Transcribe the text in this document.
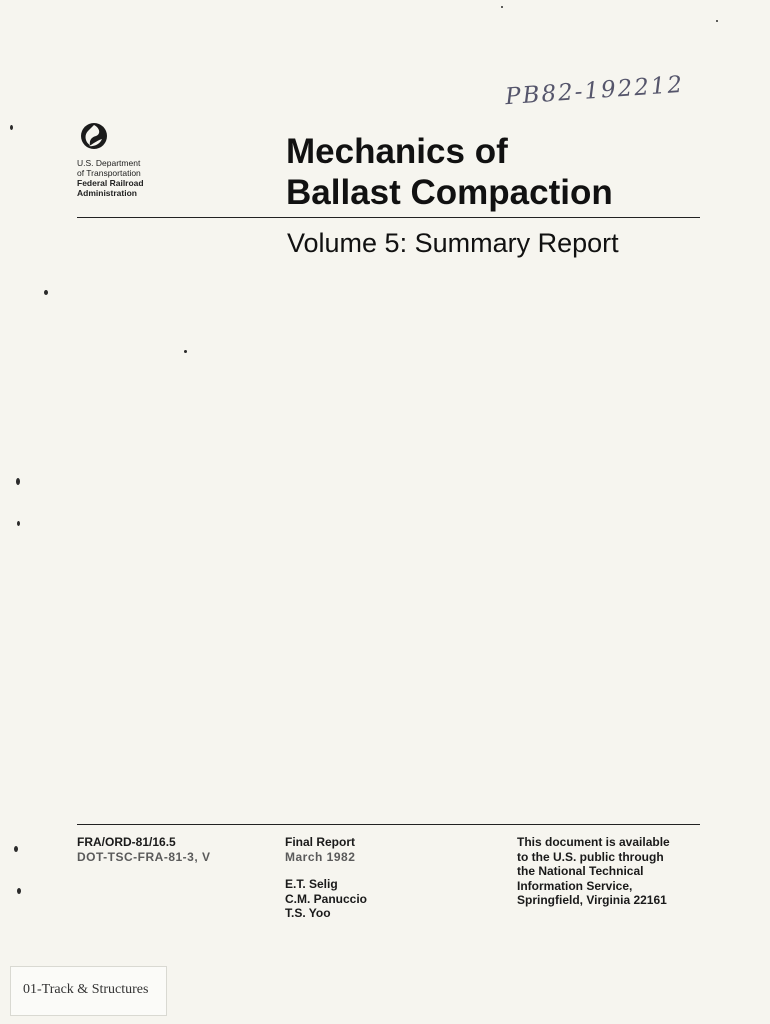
PB82-192212
U.S. Department
of Transportation
Federal Railroad
Administration
Mechanics of
Ballast Compaction
Volume 5: Summary Report
FRA/ORD-81/16.5
DOT-TSC-FRA-81-3, V
Final Report
March 1982
E.T. Selig
C.M. Panuccio
T.S. Yoo
This document is available
to the U.S. public through
the National Technical
Information Service,
Springfield, Virginia 22161
01-Track & Structures
